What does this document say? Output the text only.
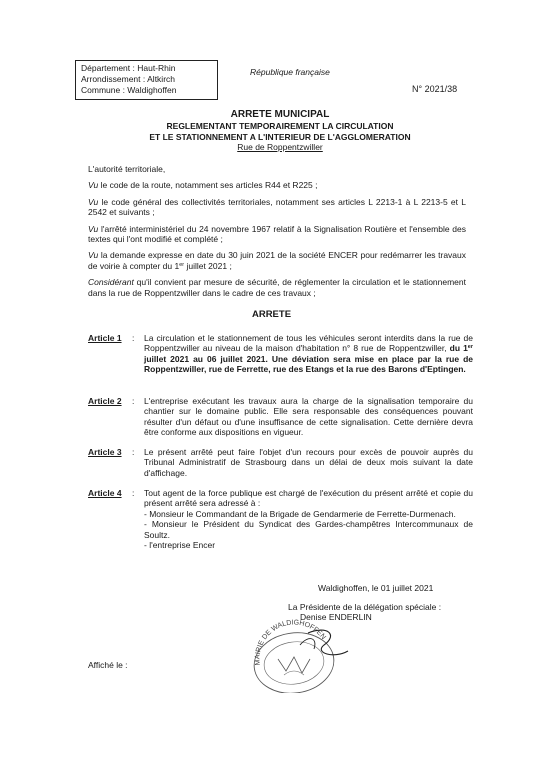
Département : Haut-Rhin
Arrondissement : Altkirch
Commune : Waldighoffen
République française
N° 2021/38
ARRETE MUNICIPAL
REGLEMENTANT TEMPORAIREMENT LA CIRCULATION
ET LE STATIONNEMENT A L'INTERIEUR DE L'AGGLOMERATION
Rue de Roppentzwiller

L'autorité territoriale,

Vu le code de la route, notamment ses articles R44 et R225 ;

Vu le code général des collectivités territoriales, notamment ses articles L 2213-1 à L 2213-5 et L 2542 et suivants ;

Vu l'arrêté interministériel du 24 novembre 1967 relatif à la Signalisation Routière et l'ensemble des textes qui l'ont modifié et complété ;

Vu la demande expresse en date du 30 juin 2021 de la société ENCER pour redémarrer les travaux de voirie à compter du 1er juillet 2021 ;

Considérant qu'il convient par mesure de sécurité, de réglementer la circulation et le stationnement dans la rue de Roppentzwiller dans le cadre de ces travaux ;

ARRETE
Article 1 : La circulation et le stationnement de tous les véhicules seront interdits dans la rue de Roppentzwiller au niveau de la maison d'habitation n° 8 rue de Roppentzwiller, du 1er juillet 2021 au 06 juillet 2021. Une déviation sera mise en place par la rue de Roppentzwiller, rue de Ferrette, rue des Etangs et la rue des Barons d'Eptingen.
Article 2 : L'entreprise exécutant les travaux aura la charge de la signalisation temporaire du chantier sur le domaine public. Elle sera responsable des conséquences pouvant résulter d'un défaut ou d'une insuffisance de cette signalisation. Cette dernière devra être conforme aux dispositions en vigueur.
Article 3 : Le présent arrêté peut faire l'objet d'un recours pour excès de pouvoir auprès du Tribunal Administratif de Strasbourg dans un délai de deux mois suivant la date d'affichage.
Article 4 : Tout agent de la force publique est chargé de l'exécution du présent arrêté et copie du présent arrêté sera adressé à :
- Monsieur le Commandant de la Brigade de Gendarmerie de Ferrette-Durmenach.
- Monsieur le Président du Syndicat des Gardes-champêtres Intercommunaux de Soultz.
- l'entreprise Encer
Waldighoffen, le 01 juillet 2021
La Présidente de la délégation spéciale :
Denise ENDERLIN
MAIRIE DE WALDIGHOFFEN
Affiché le :
